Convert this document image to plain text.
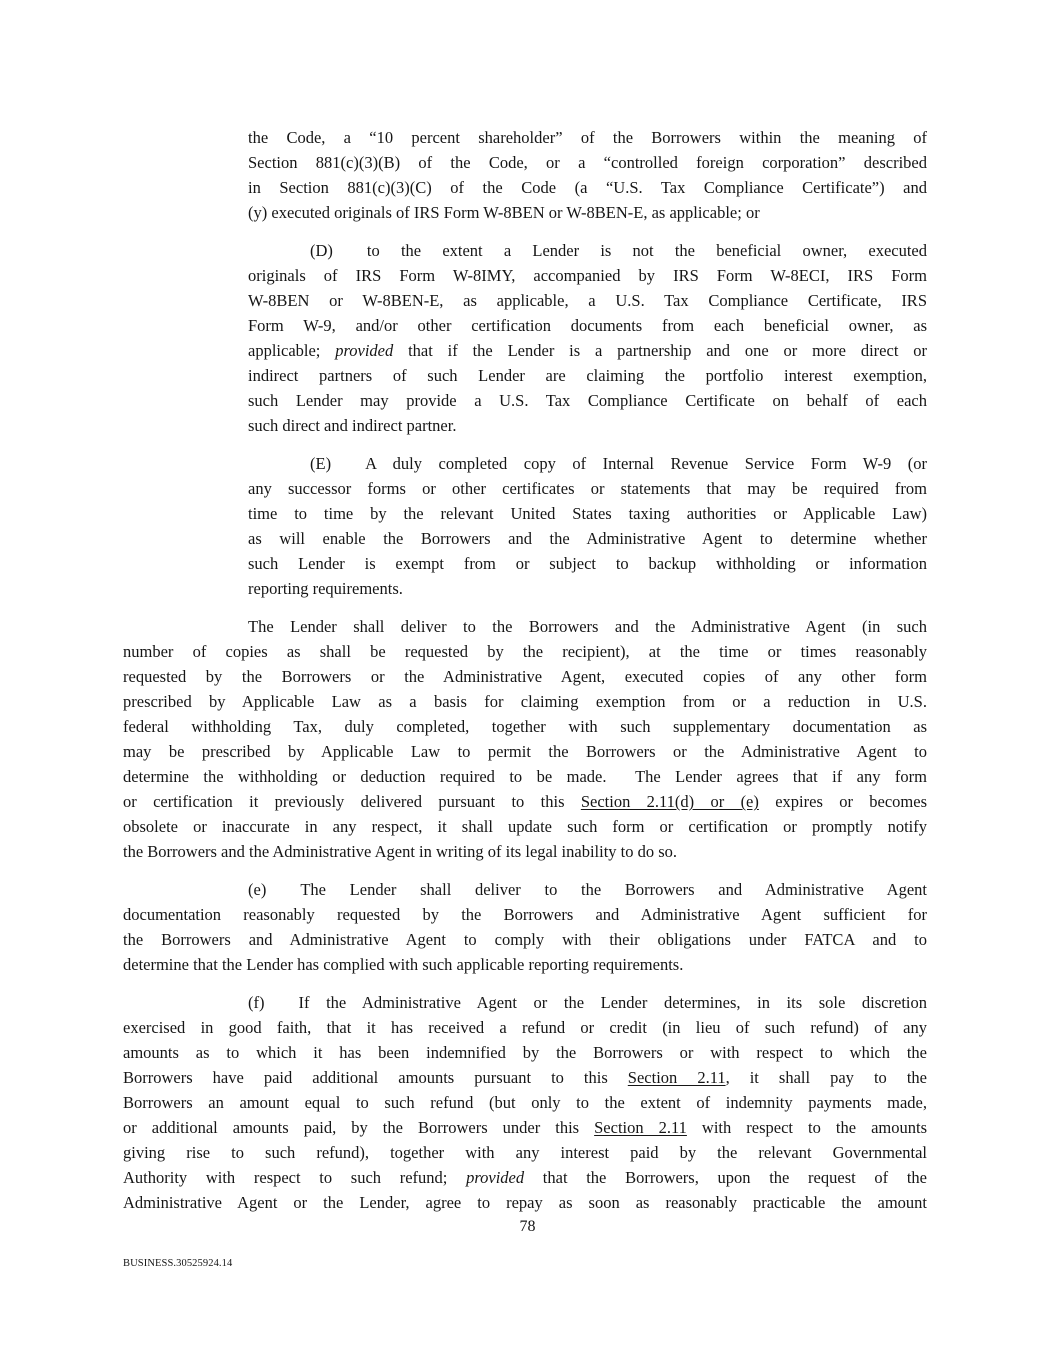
the Code, a “10 percent shareholder” of the Borrowers within the meaning of
Section 881(c)(3)(B) of the Code, or a “controlled foreign corporation” described
in Section 881(c)(3)(C) of the Code (a “U.S. Tax Compliance Certificate”) and
(y) executed originals of IRS Form W-8BEN or W-8BEN-E, as applicable; or
(D) to the extent a Lender is not the beneficial owner, executed
originals of IRS Form W-8IMY, accompanied by IRS Form W-8ECI, IRS Form
W-8BEN or W-8BEN-E, as applicable, a U.S. Tax Compliance Certificate, IRS
Form W-9, and/or other certification documents from each beneficial owner, as
applicable; provided that if the Lender is a partnership and one or more direct or
indirect partners of such Lender are claiming the portfolio interest exemption,
such Lender may provide a U.S. Tax Compliance Certificate on behalf of each
such direct and indirect partner.
(E) A duly completed copy of Internal Revenue Service Form W-9 (or
any successor forms or other certificates or statements that may be required from
time to time by the relevant United States taxing authorities or Applicable Law)
as will enable the Borrowers and the Administrative Agent to determine whether
such Lender is exempt from or subject to backup withholding or information
reporting requirements.
The Lender shall deliver to the Borrowers and the Administrative Agent (in such
number of copies as shall be requested by the recipient), at the time or times reasonably
requested by the Borrowers or the Administrative Agent, executed copies of any other form
prescribed by Applicable Law as a basis for claiming exemption from or a reduction in U.S.
federal withholding Tax, duly completed, together with such supplementary documentation as
may be prescribed by Applicable Law to permit the Borrowers or the Administrative Agent to
determine the withholding or deduction required to be made.  The Lender agrees that if any form
or certification it previously delivered pursuant to this Section 2.11(d) or (e) expires or becomes
obsolete or inaccurate in any respect, it shall update such form or certification or promptly notify
the Borrowers and the Administrative Agent in writing of its legal inability to do so.
(e) The Lender shall deliver to the Borrowers and Administrative Agent
documentation reasonably requested by the Borrowers and Administrative Agent sufficient for
the Borrowers and Administrative Agent to comply with their obligations under FATCA and to
determine that the Lender has complied with such applicable reporting requirements.
(f) If the Administrative Agent or the Lender determines, in its sole discretion
exercised in good faith, that it has received a refund or credit (in lieu of such refund) of any
amounts as to which it has been indemnified by the Borrowers or with respect to which the
Borrowers have paid additional amounts pursuant to this Section 2.11, it shall pay to the
Borrowers an amount equal to such refund (but only to the extent of indemnity payments made,
or additional amounts paid, by the Borrowers under this Section 2.11 with respect to the amounts
giving rise to such refund), together with any interest paid by the relevant Governmental
Authority with respect to such refund; provided that the Borrowers, upon the request of the
Administrative Agent or the Lender, agree to repay as soon as reasonably practicable the amount
78
BUSINESS.30525924.14
